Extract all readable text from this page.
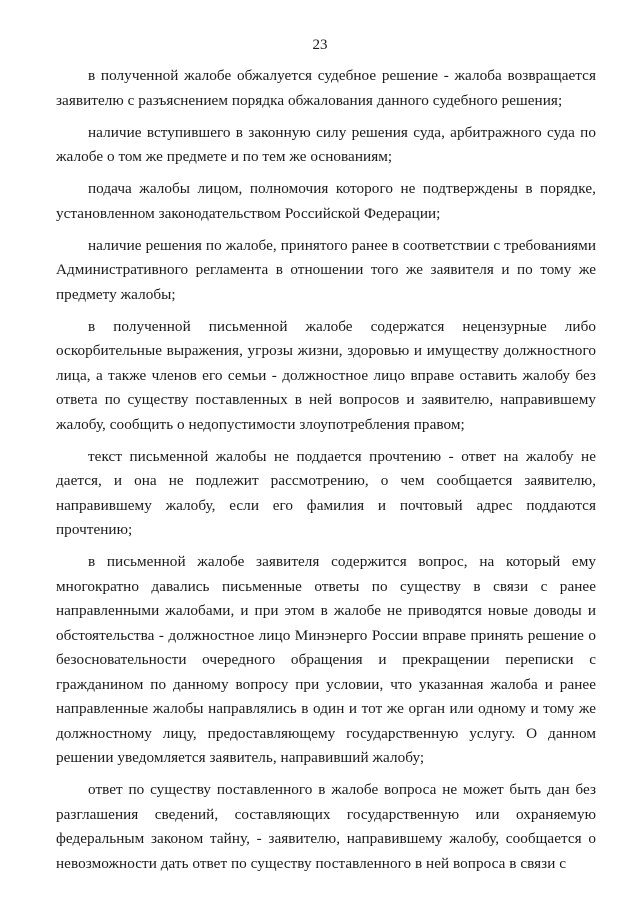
23

в полученной жалобе обжалуется судебное решение - жалоба возвращается заявителю с разъяснением порядка обжалования данного судебного решения;

наличие вступившего в законную силу решения суда, арбитражного суда по жалобе о том же предмете и по тем же основаниям;

подача жалобы лицом, полномочия которого не подтверждены в порядке, установленном законодательством Российской Федерации;

наличие решения по жалобе, принятого ранее в соответствии с требованиями Административного регламента в отношении того же заявителя и по тому же предмету жалобы;

в полученной письменной жалобе содержатся нецензурные либо оскорбительные выражения, угрозы жизни, здоровью и имуществу должностного лица, а также членов его семьи - должностное лицо вправе оставить жалобу без ответа по существу поставленных в ней вопросов и заявителю, направившему жалобу, сообщить о недопустимости злоупотребления правом;

текст письменной жалобы не поддается прочтению - ответ на жалобу не дается, и она не подлежит рассмотрению, о чем сообщается заявителю, направившему жалобу, если его фамилия и почтовый адрес поддаются прочтению;

в письменной жалобе заявителя содержится вопрос, на который ему многократно давались письменные ответы по существу в связи с ранее направленными жалобами, и при этом в жалобе не приводятся новые доводы и обстоятельства - должностное лицо Минэнерго России вправе принять решение о безосновательности очередного обращения и прекращении переписки с гражданином по данному вопросу при условии, что указанная жалоба и ранее направленные жалобы направлялись в один и тот же орган или одному и тому же должностному лицу, предоставляющему государственную услугу. О данном решении уведомляется заявитель, направивший жалобу;

ответ по существу поставленного в жалобе вопроса не может быть дан без разглашения сведений, составляющих государственную или охраняемую федеральным законом тайну, - заявителю, направившему жалобу, сообщается о невозможности дать ответ по существу поставленного в ней вопроса в связи с
